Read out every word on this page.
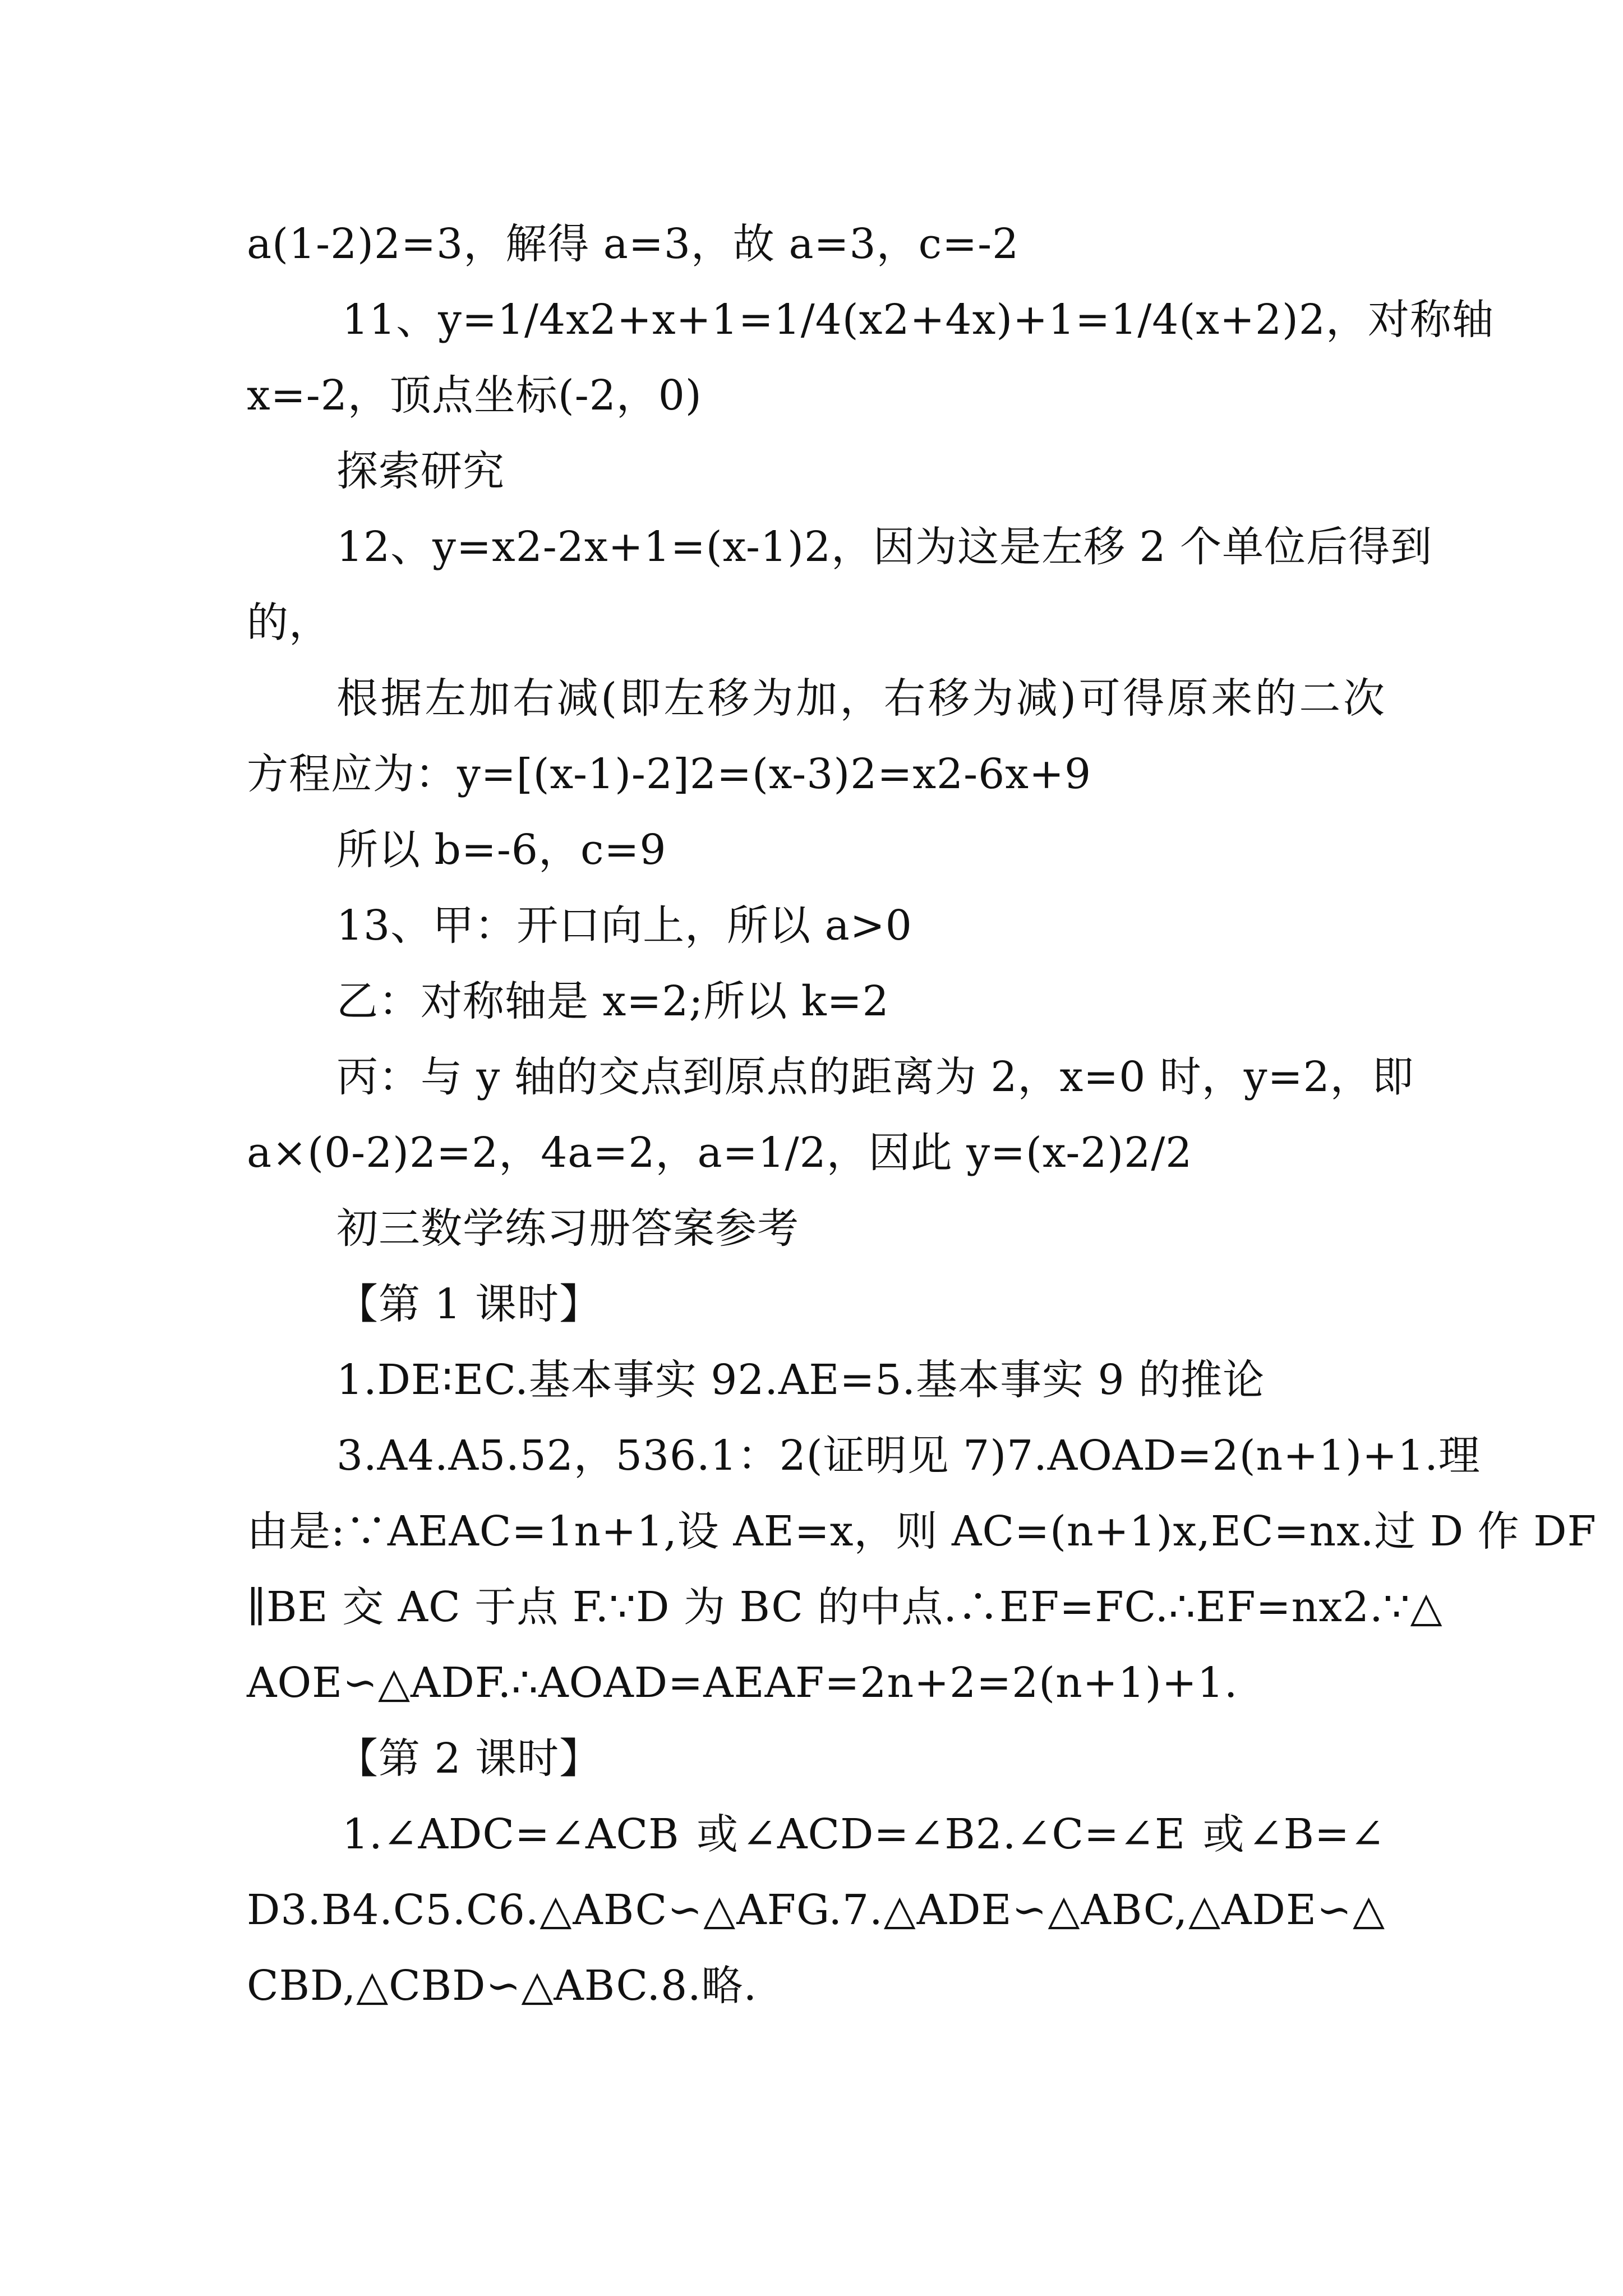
a(1-2)2=3，解得 a=3，故 a=3，c=-2
11、y=1/4x2+x+1=1/4(x2+4x)+1=1/4(x+2)2，对称轴
x=-2，顶点坐标(-2，0)
探索研究
12、y=x2-2x+1=(x-1)2，因为这是左移 2 个单位后得到
的，
根据左加右减(即左移为加，右移为减)可得原来的二次
方程应为：y=[(x-1)-2]2=(x-3)2=x2-6x+9
所以 b=-6，c=9
13、甲：开口向上，所以 a>0
乙：对称轴是 x=2;所以 k=2
丙：与 y 轴的交点到原点的距离为 2，x=0 时，y=2，即
a×(0-2)2=2，4a=2，a=1/2，因此 y=(x-2)2/2
初三数学练习册答案参考
【第 1 课时】
1.DE∶EC.基本事实 92.AE=5.基本事实 9 的推论
3.A4.A5.52，536.1：2(证明见 7)7.AOAD=2(n+1)+1.理
由是:∵AEAC=1n+1,设 AE=x，则 AC=(n+1)x,EC=nx.过 D 作 DF
∥BE 交 AC 于点 F.∵D 为 BC 的中点.∴EF=FC.∴EF=nx2.∵△
AOE∽△ADF.∴AOAD=AEAF=2n+2=2(n+1)+1.
【第 2 课时】
1.∠ADC=∠ACB 或∠ACD=∠B2.∠C=∠E 或∠B=∠
D3.B4.C5.C6.△ABC∽△AFG.7.△ADE∽△ABC,△ADE∽△
CBD,△CBD∽△ABC.8.略.
